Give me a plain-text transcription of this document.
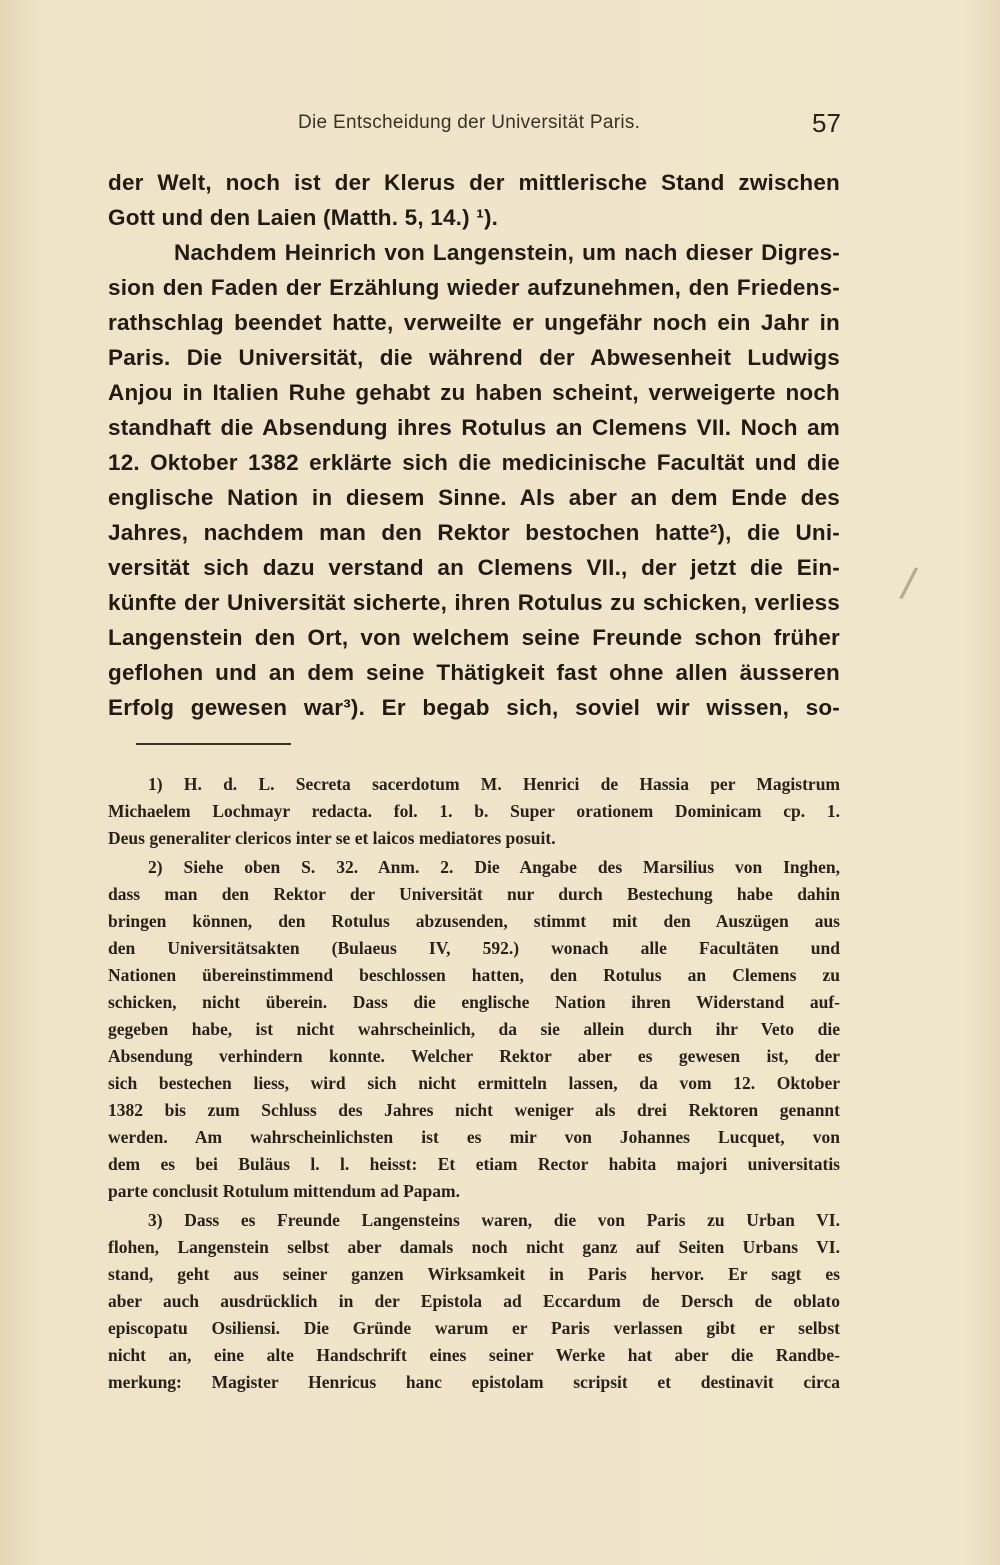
Die Entscheidung der Universität Paris.	57

der Welt, noch ist der Klerus der mittlerische Stand zwischen

Gott und den Laien (Matth. 5, 14.) ¹).

Nachdem Heinrich von Langenstein, um nach dieser Digres-

sion den Faden der Erzählung wieder aufzunehmen, den Friedens-

rathschlag beendet hatte, verweilte er ungefähr noch ein Jahr in

Paris. Die Universität, die während der Abwesenheit Ludwigs

Anjou in Italien Ruhe gehabt zu haben scheint, verweigerte noch

standhaft die Absendung ihres Rotulus an Clemens VII. Noch am

12. Oktober 1382 erklärte sich die medicinische Facultät und die

englische Nation in diesem Sinne. Als aber an dem Ende des

Jahres, nachdem man den Rektor bestochen hatte²), die Uni-

versität sich dazu verstand an Clemens VII., der jetzt die Ein-

künfte der Universität sicherte, ihren Rotulus zu schicken, verliess

Langenstein den Ort, von welchem seine Freunde schon früher

geflohen und an dem seine Thätigkeit fast ohne allen äusseren

Erfolg gewesen war³). Er begab sich, soviel wir wissen, so-

/

1) H. d. L. Secreta sacerdotum M. Henrici de Hassia per Magistrum

Michaelem Lochmayr redacta. fol. 1. b. Super orationem Dominicam cp. 1.

Deus generaliter clericos inter se et laicos mediatores posuit.

2) Siehe oben S. 32. Anm. 2. Die Angabe des Marsilius von Inghen,

dass man den Rektor der Universität nur durch Bestechung habe dahin

bringen können, den Rotulus abzusenden, stimmt mit den Auszügen aus

den Universitätsakten (Bulaeus IV, 592.) wonach alle Facultäten und

Nationen übereinstimmend beschlossen hatten, den Rotulus an Clemens zu

schicken, nicht überein. Dass die englische Nation ihren Widerstand auf-

gegeben habe, ist nicht wahrscheinlich, da sie allein durch ihr Veto die

Absendung verhindern konnte. Welcher Rektor aber es gewesen ist, der

sich bestechen liess, wird sich nicht ermitteln lassen, da vom 12. Oktober

1382 bis zum Schluss des Jahres nicht weniger als drei Rektoren genannt

werden. Am wahrscheinlichsten ist es mir von Johannes Lucquet, von

dem es bei Buläus l. l. heisst: Et etiam Rector habita majori universitatis

parte conclusit Rotulum mittendum ad Papam.

3) Dass es Freunde Langensteins waren, die von Paris zu Urban VI.

flohen, Langenstein selbst aber damals noch nicht ganz auf Seiten Urbans VI.

stand, geht aus seiner ganzen Wirksamkeit in Paris hervor. Er sagt es

aber auch ausdrücklich in der Epistola ad Eccardum de Dersch de oblato

episcopatu Osiliensi. Die Gründe warum er Paris verlassen gibt er selbst

nicht an, eine alte Handschrift eines seiner Werke hat aber die Randbe-

merkung: Magister Henricus hanc epistolam scripsit et destinavit circa
